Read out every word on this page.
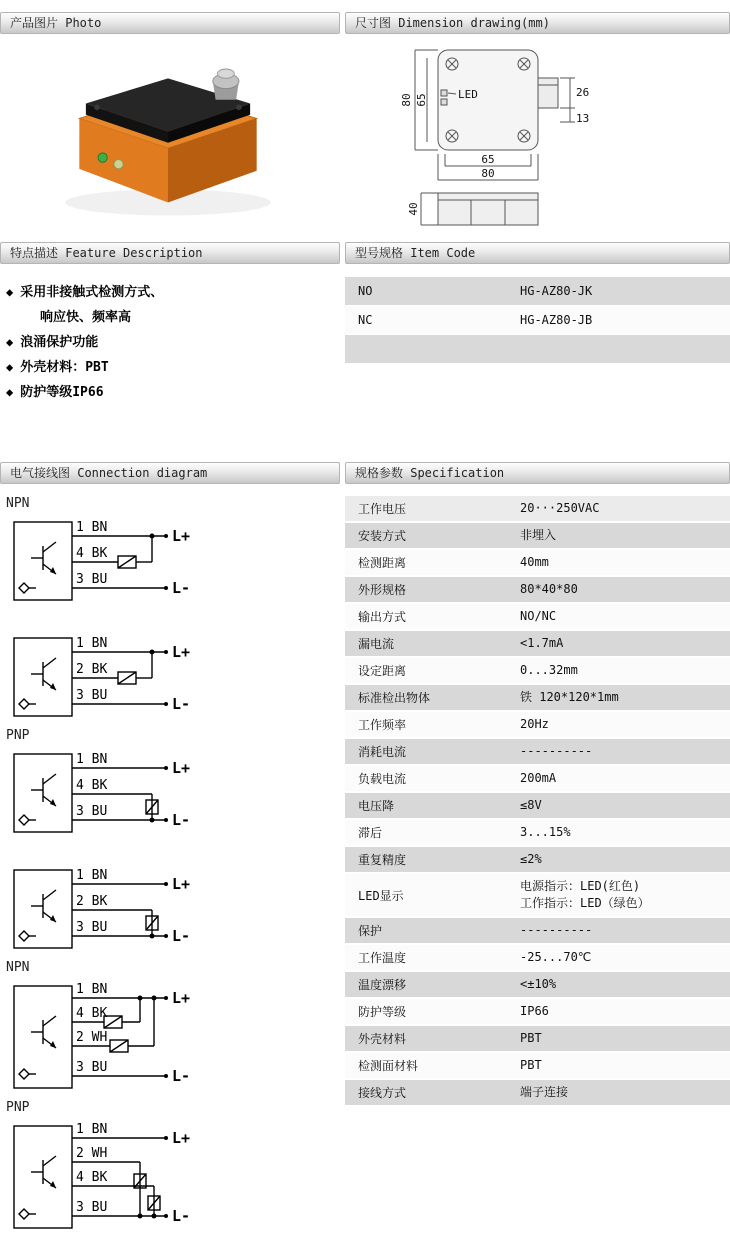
产品图片 Photo	尺寸图 Dimension drawing(mm)
LED	26
13
80 65
65
80
40
特点描述 Feature Description	型号规格 Item Code
◆ 采用非接触式检测方式、
响应快、频率高
◆ 浪涌保护功能
◆ 外壳材料：PBT
◆ 防护等级IP66
NO	HG-AZ80-JK
NC	HG-AZ80-JB
电气接线图 Connection diagram	规格参数 Specification
NPN
1 BN
4 BK
3 BU
L+
L-
1 BN
2 BK
3 BU
L+
L-
PNP
1 BN
4 BK
3 BU
L+
L-
1 BN
2 BK
3 BU
L+
L-
NPN
1 BN
4 BK
2 WH
3 BU
L+
L-
PNP
1 BN
2 WH
4 BK
3 BU
L+
L-
工作电压	20···250VAC
安装方式	非埋入
检测距离	40mm
外形规格	80*40*80
输出方式	NO/NC
漏电流	<1.7mA
设定距离	0...32mm
标准检出物体	铁 120*120*1mm
工作频率	20Hz
消耗电流	----------
负载电流	200mA
电压降	≤8V
滞后	3...15%
重复精度	≤2%
LED显示
电源指示：LED(红色)
工作指示：LED（绿色）
保护	----------
工作温度	-25...70℃
温度漂移	<±10%
防护等级	IP66
外壳材料	PBT
检测面材料	PBT
接线方式	端子连接
